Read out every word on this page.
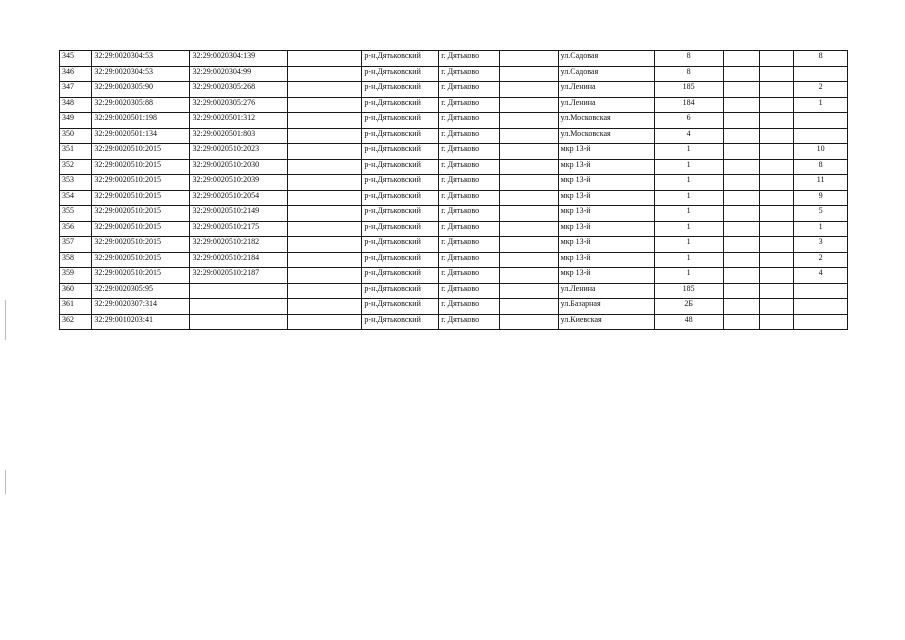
345	32:29:0020304:53	32:29:0020304:139		р-н.Дятьковский	г. Дятьково		ул.Садовая	8			8
346	32:29:0020304:53	32:29:0020304:99		р-н.Дятьковский	г. Дятьково		ул.Садовая	8			
347	32:29:0020305:90	32:29:0020305:268		р-н.Дятьковский	г. Дятьково		ул.Ленина	185			2
348	32:29:0020305:88	32:29:0020305:276		р-н.Дятьковский	г. Дятьково		ул.Ленина	184			1
349	32:29:0020501:198	32:29:0020501:312		р-н.Дятьковский	г. Дятьково		ул.Московская	6			
350	32:29:0020501:134	32:29:0020501:803		р-н.Дятьковский	г. Дятьково		ул.Московская	4			
351	32:29:0020510:2015	32:29:0020510:2023		р-н.Дятьковский	г. Дятьково		мкр 13-й	1			10
352	32:29:0020510:2015	32:29:0020510:2030		р-н.Дятьковский	г. Дятьково		мкр 13-й	1			8
353	32:29:0020510:2015	32:29:0020510:2039		р-н.Дятьковский	г. Дятьково		мкр 13-й	1			11
354	32:29:0020510:2015	32:29:0020510:2054		р-н.Дятьковский	г. Дятьково		мкр 13-й	1			9
355	32:29:0020510:2015	32:29:0020510:2149		р-н.Дятьковский	г. Дятьково		мкр 13-й	1			5
356	32:29:0020510:2015	32:29:0020510:2175		р-н.Дятьковский	г. Дятьково		мкр 13-й	1			1
357	32:29:0020510:2015	32:29:0020510:2182		р-н.Дятьковский	г. Дятьково		мкр 13-й	1			3
358	32:29:0020510:2015	32:29:0020510:2184		р-н.Дятьковский	г. Дятьково		мкр 13-й	1			2
359	32:29:0020510:2015	32:29:0020510:2187		р-н.Дятьковский	г. Дятьково		мкр 13-й	1			4
360	32:29:0020305:95			р-н.Дятьковский	г. Дятьково		ул.Ленина	185			
361	32:29:0020307:314			р-н.Дятьковский	г. Дятьково		ул.Базарная	2Б			
362	32:29:0010203:41			р-н.Дятьковский	г. Дятьково		ул.Киевская	48			
